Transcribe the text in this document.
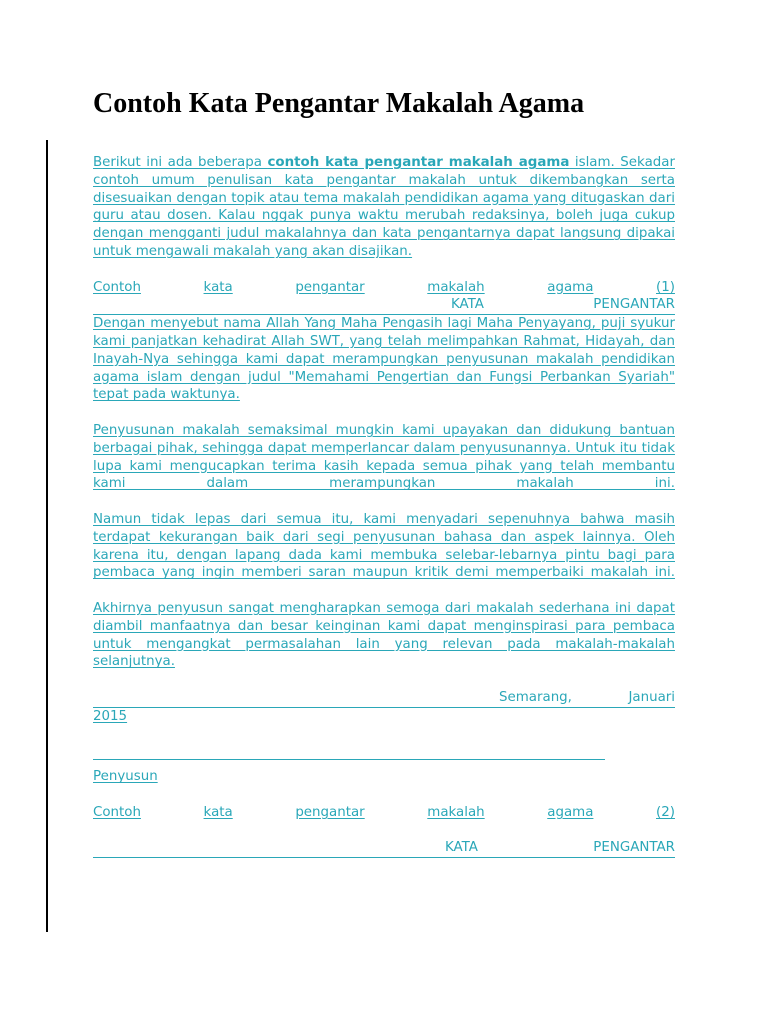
Contoh Kata Pengantar Makalah Agama

Berikut ini ada beberapa contoh kata pengantar makalah agama islam. Sekadar contoh umum penulisan kata pengantar makalah untuk dikembangkan serta disesuaikan dengan topik atau tema makalah pendidikan agama yang ditugaskan dari guru atau dosen. Kalau nggak punya waktu merubah redaksinya, boleh juga cukup dengan mengganti judul makalahnya dan kata pengantarnya dapat langsung dipakai untuk mengawali makalah yang akan disajikan.

Contoh	kata	pengantar	makalah	agama	(1)
KATA	PENGANTAR

Dengan menyebut nama Allah Yang Maha Pengasih lagi Maha Penyayang, puji syukur kami panjatkan kehadirat Allah SWT, yang telah melimpahkan Rahmat, Hidayah, dan Inayah-Nya sehingga kami dapat merampungkan penyusunan makalah pendidikan agama islam dengan judul "Memahami Pengertian dan Fungsi Perbankan Syariah" tepat pada waktunya.

Penyusunan makalah semaksimal mungkin kami upayakan dan didukung bantuan berbagai pihak, sehingga dapat memperlancar dalam penyusunannya. Untuk itu tidak lupa kami mengucapkan terima kasih kepada semua pihak yang telah membantu kami dalam merampungkan makalah ini.

Namun tidak lepas dari semua itu, kami menyadari sepenuhnya bahwa masih terdapat kekurangan baik dari segi penyusunan bahasa dan aspek lainnya. Oleh karena itu, dengan lapang dada kami membuka selebar-lebarnya pintu bagi para pembaca yang ingin memberi saran maupun kritik demi memperbaiki makalah ini.

Akhirnya penyusun sangat mengharapkan semoga dari makalah sederhana ini dapat diambil manfaatnya dan besar keinginan kami dapat menginspirasi para pembaca untuk mengangkat permasalahan lain yang relevan pada makalah-makalah selanjutnya.

Semarang,	Januari
2015
Penyusun
Contoh	kata	pengantar	makalah	agama	(2)
KATA	PENGANTAR
